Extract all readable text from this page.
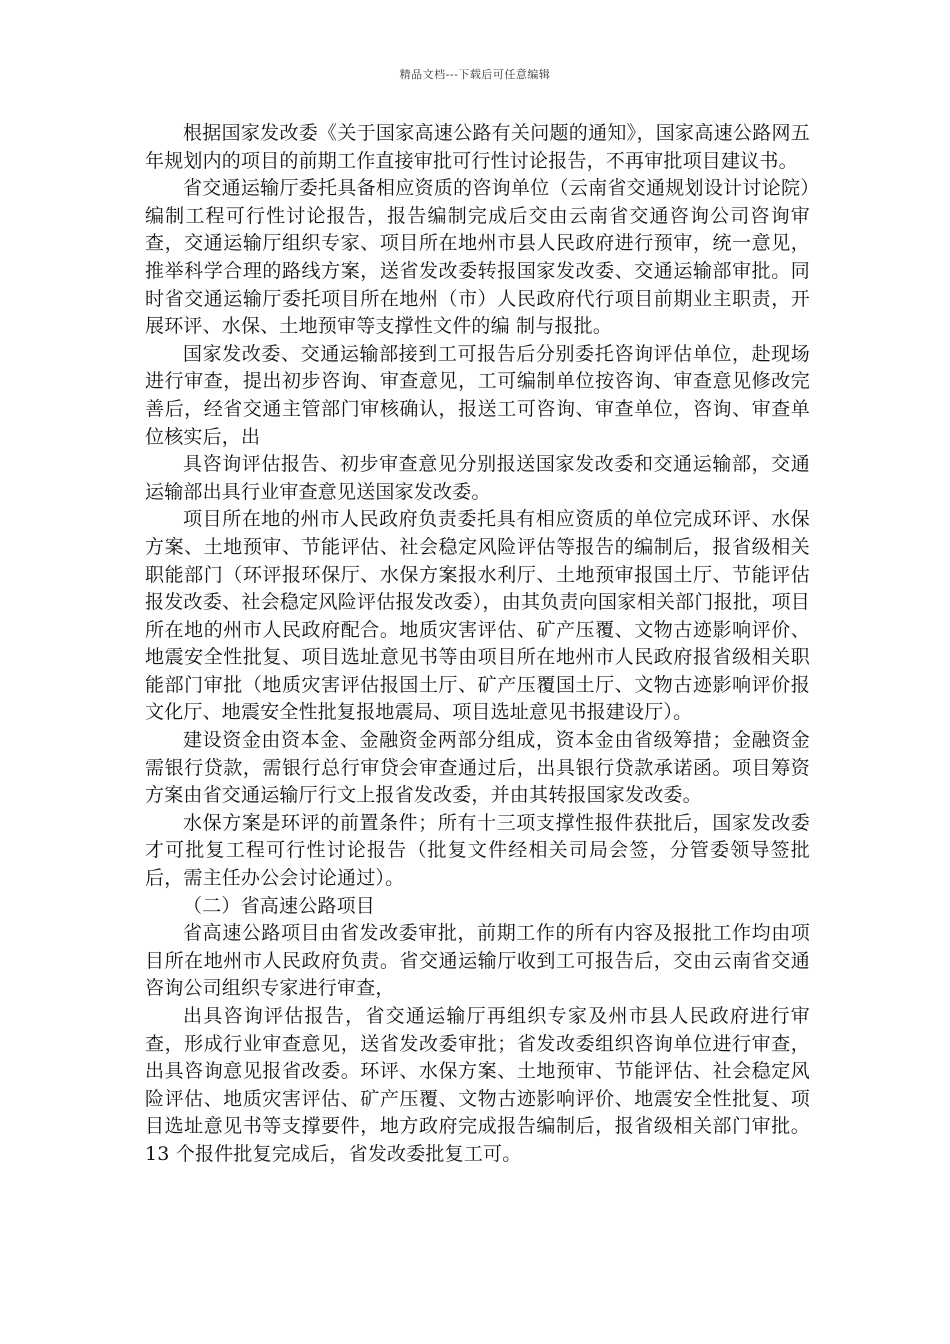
精品文档---下载后可任意编辑

根据国家发改委《关于国家高速公路有关问题的通知》，国家高速公路网五年规划内的项目的前期工作直接审批可行性讨论报告，不再审批项目建议书。

省交通运输厅委托具备相应资质的咨询单位（云南省交通规划设计讨论院）编制工程可行性讨论报告，报告编制完成后交由云南省交通咨询公司咨询审查，交通运输厅组织专家、项目所在地州市县人民政府进行预审，统一意见，推举科学合理的路线方案，送省发改委转报国家发改委、交通运输部审批。同时省交通运输厅委托项目所在地州（市）人民政府代行项目前期业主职责，开展环评、水保、土地预审等支撑性文件的编 制与报批。

国家发改委、交通运输部接到工可报告后分别委托咨询评估单位，赴现场进行审查，提出初步咨询、审查意见，工可编制单位按咨询、审查意见修改完善后，经省交通主管部门审核确认，报送工可咨询、审查单位，咨询、审查单位核实后，出

具咨询评估报告、初步审查意见分别报送国家发改委和交通运输部，交通运输部出具行业审查意见送国家发改委。

项目所在地的州市人民政府负责委托具有相应资质的单位完成环评、水保方案、土地预审、节能评估、社会稳定风险评估等报告的编制后，报省级相关职能部门（环评报环保厅、水保方案报水利厅、土地预审报国土厅、节能评估报发改委、社会稳定风险评估报发改委），由其负责向国家相关部门报批，项目所在地的州市人民政府配合。地质灾害评估、矿产压覆、文物古迹影响评价、地震安全性批复、项目选址意见书等由项目所在地州市人民政府报省级相关职能部门审批（地质灾害评估报国土厅、矿产压覆国土厅、文物古迹影响评价报文化厅、地震安全性批复报地震局、项目选址意见书报建设厅）。

建设资金由资本金、金融资金两部分组成，资本金由省级筹措；金融资金需银行贷款，需银行总行审贷会审查通过后，出具银行贷款承诺函。项目筹资方案由省交通运输厅行文上报省发改委，并由其转报国家发改委。

水保方案是环评的前置条件；所有十三项支撑性报件获批后，国家发改委才可批复工程可行性讨论报告（批复文件经相关司局会签，分管委领导签批后，需主任办公会讨论通过）。

（二）省高速公路项目

省高速公路项目由省发改委审批，前期工作的所有内容及报批工作均由项目所在地州市人民政府负责。省交通运输厅收到工可报告后，交由云南省交通咨询公司组织专家进行审查，

出具咨询评估报告，省交通运输厅再组织专家及州市县人民政府进行审查，形成行业审查意见，送省发改委审批；省发改委组织咨询单位进行审查，出具咨询意见报省改委。环评、水保方案、土地预审、节能评估、社会稳定风险评估、地质灾害评估、矿产压覆、文物古迹影响评价、地震安全性批复、项目选址意见书等支撑要件，地方政府完成报告编制后，报省级相关部门审批。13 个报件批复完成后，省发改委批复工可。
